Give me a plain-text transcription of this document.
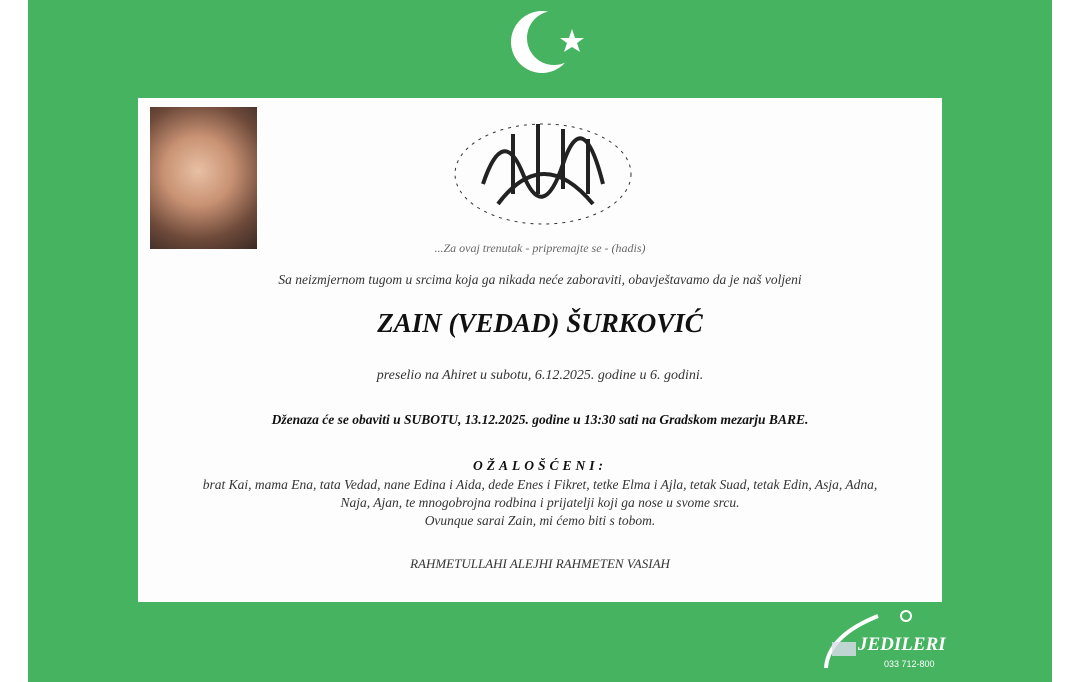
...Za ovaj trenutak - pripremajte se - (hadis)
Sa neizmjernom tugom u srcima koja ga nikada neće zaboraviti, obavještavamo da je naš voljeni
ZAIN (VEDAD) ŠURKOVIĆ
preselio na Ahiret u subotu, 6.12.2025. godine u 6. godini.
Dženaza će se obaviti u SUBOTU, 13.12.2025. godine u 13:30 sati na Gradskom mezarju BARE.
OŽALOŠĆENI:
brat Kai, mama Ena, tata Vedad, nane Edina i Aida, dede Enes i Fikret, tetke Elma i Ajla, tetak Suad, tetak Edin, Asja, Adna,
Naja, Ajan, te mnogobrojna rodbina i prijatelji koji ga nose u svome srcu.
Ovunque sarai Zain, mi ćemo biti s tobom.
RAHMETULLAHI ALEJHI RAHMETEN VASIAH
JEDILERI
033 712-800
